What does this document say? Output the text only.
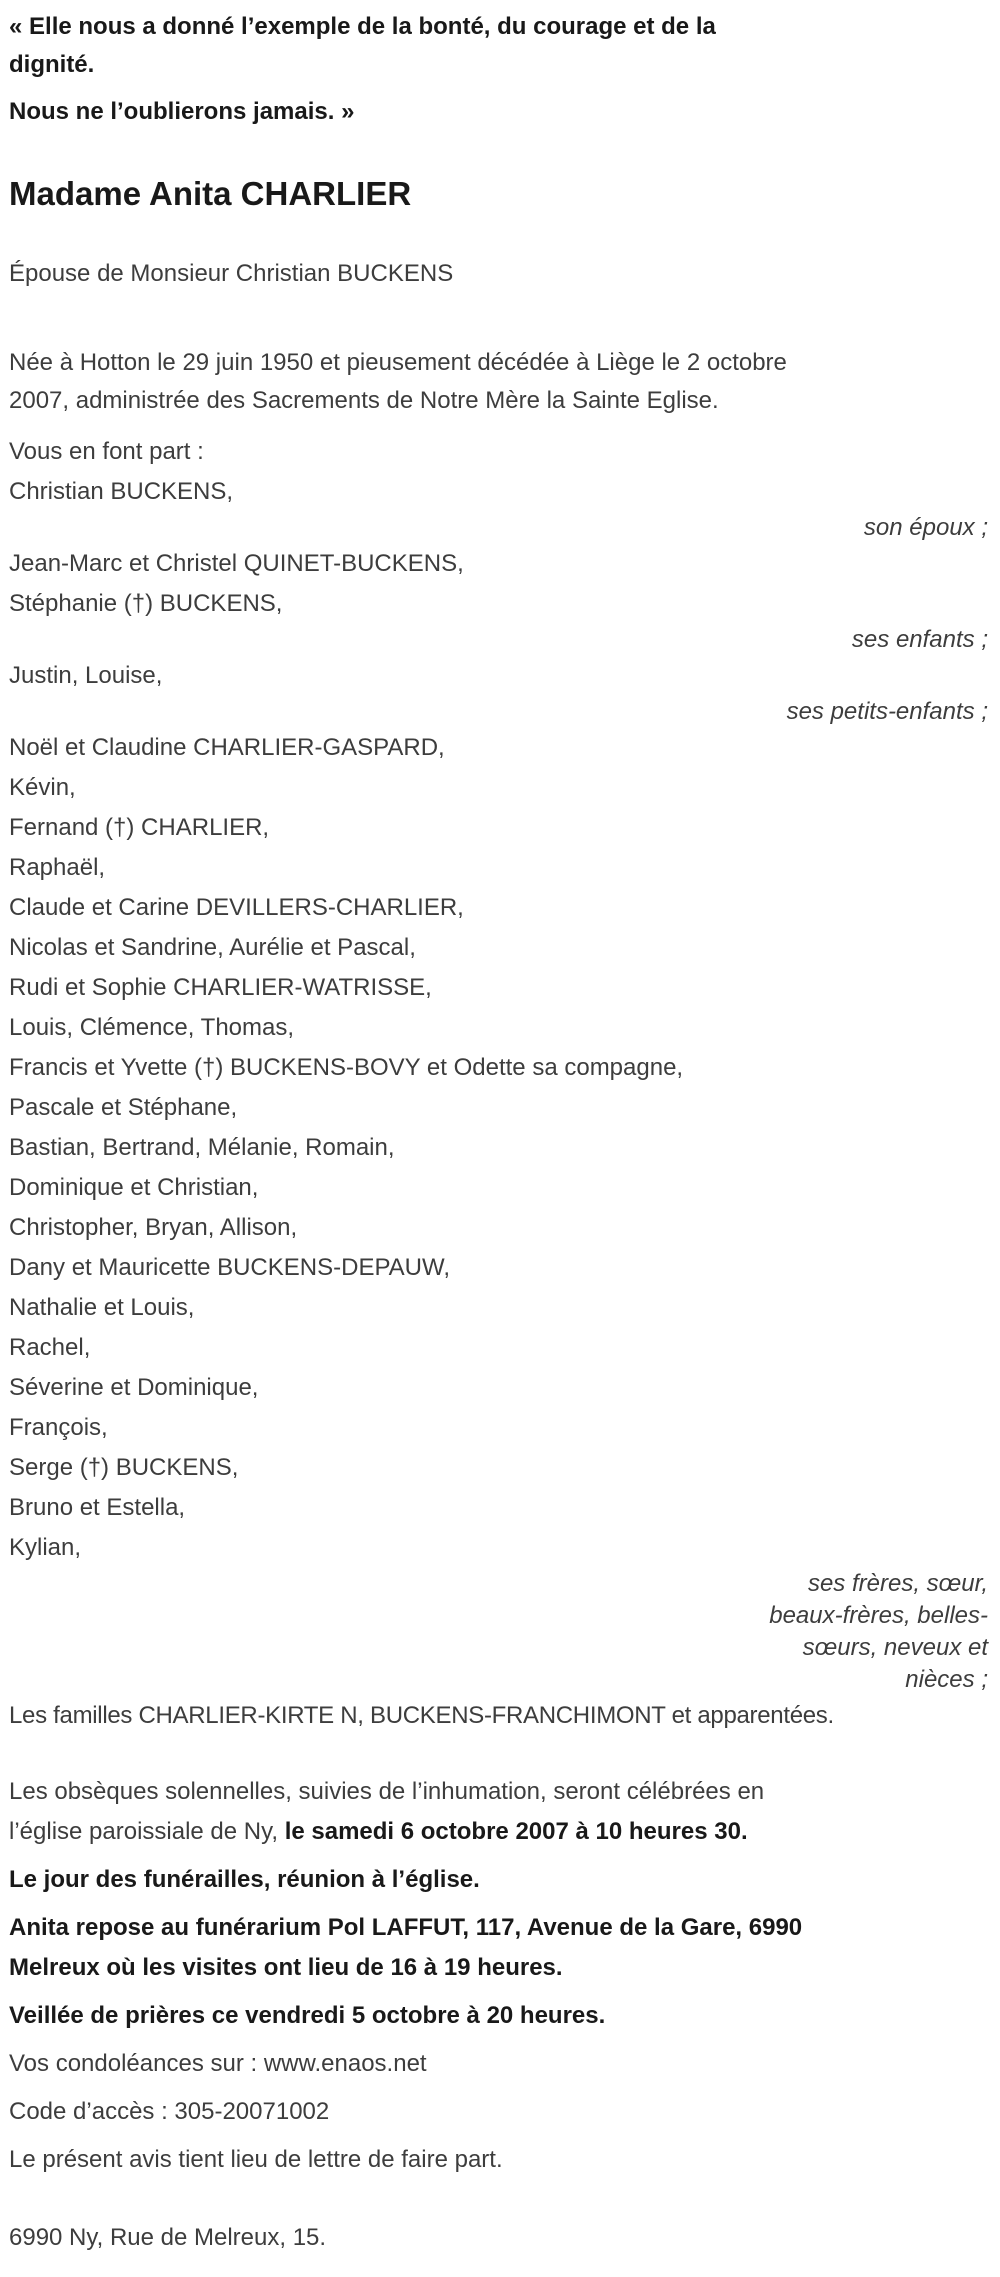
« Elle nous a donné l’exemple de la bonté, du courage et de la
dignité.
Nous ne l’oublierons jamais. »
Madame Anita CHARLIER
Épouse de Monsieur Christian BUCKENS
Née à Hotton le 29 juin 1950 et pieusement décédée à Liège le 2 octobre
2007, administrée des Sacrements de Notre Mère la Sainte Eglise.
Vous en font part :
Christian BUCKENS,
son époux ;
Jean-Marc et Christel QUINET-BUCKENS,
Stéphanie (†) BUCKENS,
ses enfants ;
Justin, Louise,
ses petits-enfants ;
Noël et Claudine CHARLIER-GASPARD,
Kévin,
Fernand (†) CHARLIER,
Raphaël,
Claude et Carine DEVILLERS-CHARLIER,
Nicolas et Sandrine, Aurélie et Pascal,
Rudi et Sophie CHARLIER-WATRISSE,
Louis, Clémence, Thomas,
Francis et Yvette (†) BUCKENS-BOVY et Odette sa compagne,
Pascale et Stéphane,
Bastian, Bertrand, Mélanie, Romain,
Dominique et Christian,
Christopher, Bryan, Allison,
Dany et Mauricette BUCKENS-DEPAUW,
Nathalie et Louis,
Rachel,
Séverine et Dominique,
François,
Serge (†) BUCKENS,
Bruno et Estella,
Kylian,
ses frères, sœur,
beaux-frères, belles-
sœurs, neveux et
nièces ;
Les familles CHARLIER-KIRTE N, BUCKENS-FRANCHIMONT et apparentées.
Les obsèques solennelles, suivies de l’inhumation, seront célébrées en
l’église paroissiale de Ny, le samedi 6 octobre 2007 à 10 heures 30.
Le jour des funérailles, réunion à l’église.
Anita repose au funérarium Pol LAFFUT, 117, Avenue de la Gare, 6990
Melreux où les visites ont lieu de 16 à 19 heures.
Veillée de prières ce vendredi 5 octobre à 20 heures.
Vos condoléances sur : www.enaos.net
Code d’accès : 305-20071002
Le présent avis tient lieu de lettre de faire part.
6990 Ny, Rue de Melreux, 15.
